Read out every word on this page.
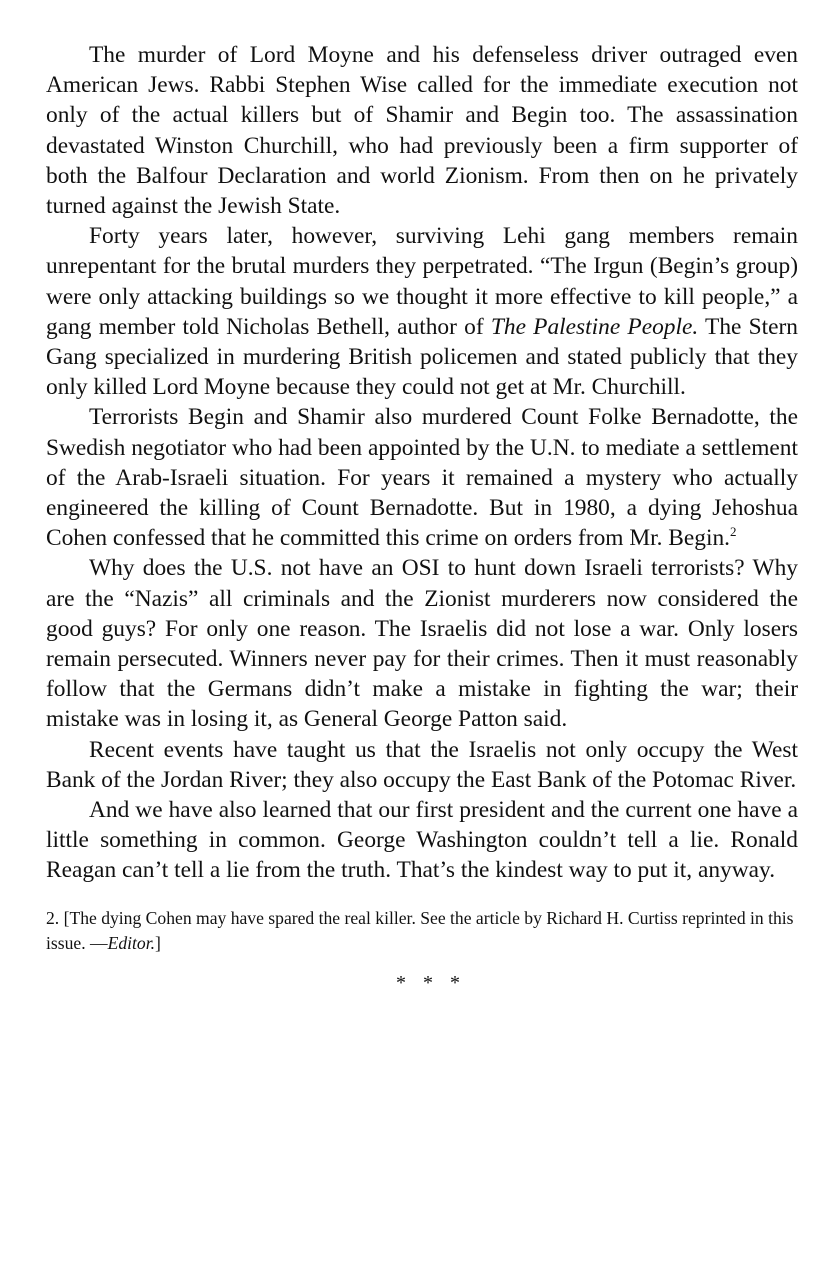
The murder of Lord Moyne and his defenseless driver outraged even American Jews. Rabbi Stephen Wise called for the immediate execution not only of the actual killers but of Shamir and Begin too. The assassination devastated Winston Churchill, who had previously been a firm supporter of both the Balfour Declaration and world Zionism. From then on he privately turned against the Jewish State.

Forty years later, however, surviving Lehi gang members remain unrepentant for the brutal murders they perpetrated. “The Irgun (Begin’s group) were only attacking buildings so we thought it more effective to kill people,” a gang member told Nicholas Bethell, author of The Palestine People. The Stern Gang specialized in murdering British policemen and stated publicly that they only killed Lord Moyne because they could not get at Mr. Churchill.

Terrorists Begin and Shamir also murdered Count Folke Bernadotte, the Swedish negotiator who had been appointed by the U.N. to mediate a settlement of the Arab-Israeli situation. For years it remained a mystery who actually engineered the killing of Count Bernadotte. But in 1980, a dying Jehoshua Cohen confessed that he committed this crime on orders from Mr. Begin.$^2$

Why does the U.S. not have an OSI to hunt down Israeli terrorists? Why are the “Nazis” all criminals and the Zionist murderers now considered the good guys? For only one reason. The Israelis did not lose a war. Only losers remain persecuted. Winners never pay for their crimes. Then it must reasonably follow that the Germans didn’t make a mistake in fighting the war; their mistake was in losing it, as General George Patton said.

Recent events have taught us that the Israelis not only occupy the West Bank of the Jordan River; they also occupy the East Bank of the Potomac River.

And we have also learned that our first president and the current one have a little something in common. George Washington couldn’t tell a lie. Ronald Reagan can’t tell a lie from the truth. That’s the kindest way to put it, anyway.

2. [The dying Cohen may have spared the real killer. See the article by Richard H. Curtiss reprinted in this issue. —Editor.]

* * *
